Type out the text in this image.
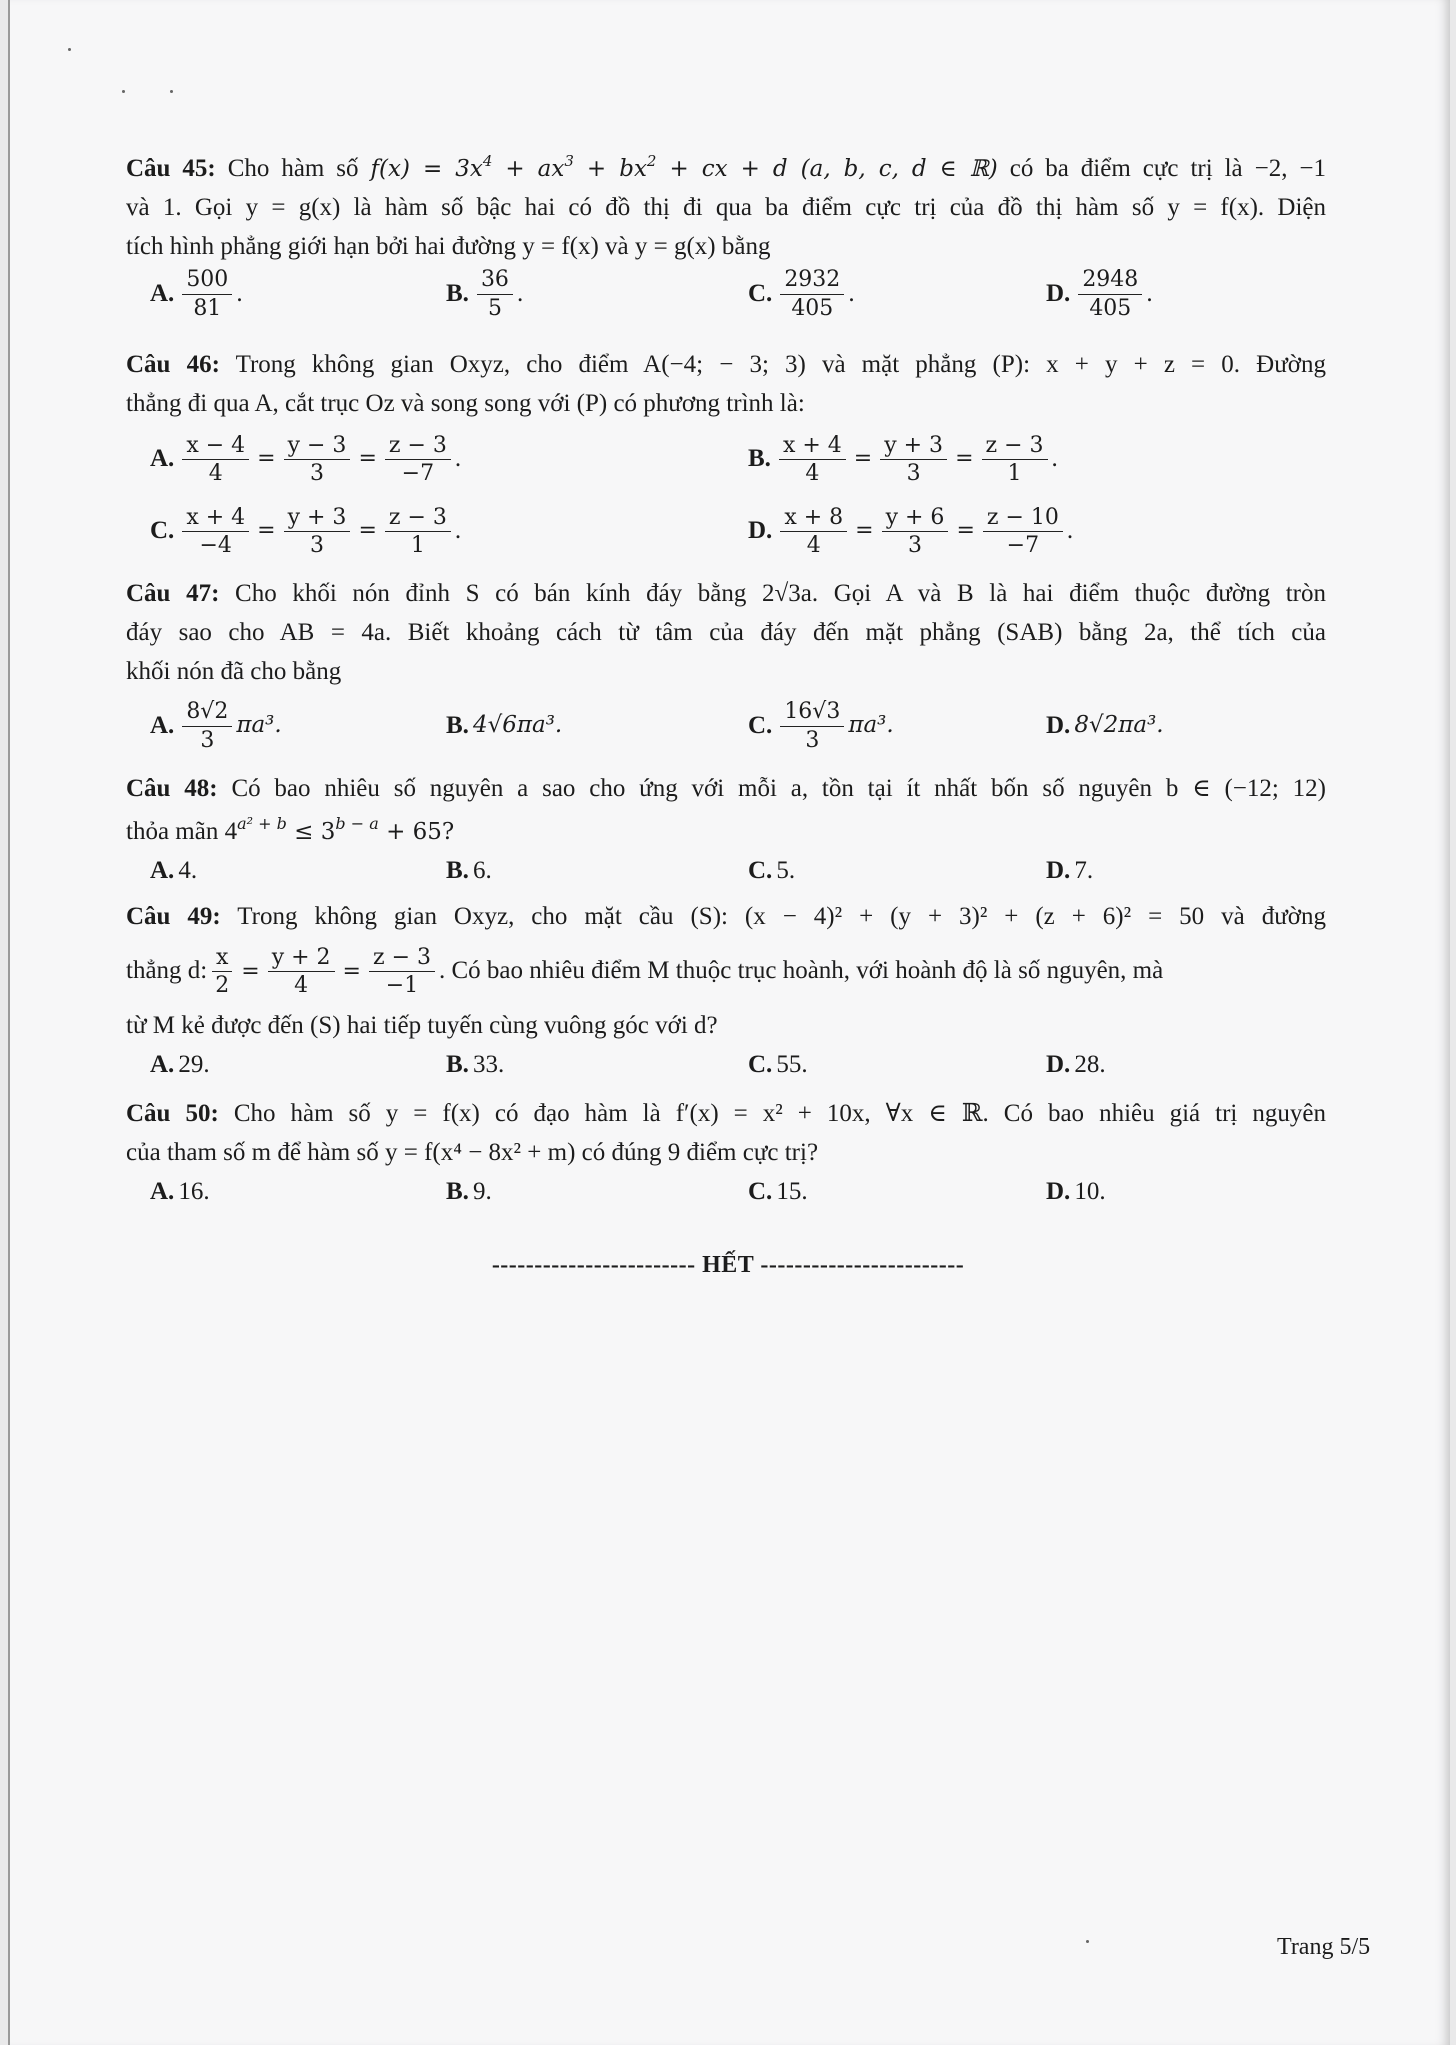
Câu 45: Cho hàm số $f(x) = 3x^4 + ax^3 + bx^2$ + cx + d (a, b, c, d ∈ ℝ) có ba điểm cực trị là −2, −1

và 1. Gọi y = g(x) là hàm số bậc hai có đồ thị đi qua ba điểm cực trị của đồ thị hàm số y = f(x). Diện

tích hình phẳng giới hạn bởi hai đường y = f(x) và y = g(x) bằng

A. $\frac{500}{81}$ .	B. $\frac{36}{5}$ .	C. $\frac{2932}{405}$ .	D. $\frac{2948}{405}$ .

Câu 46: Trong không gian Oxyz, cho điểm A(−4; − 3; 3) và mặt phẳng (P): x + y + z = 0. Đường

thẳng đi qua A, cắt trục Oz và song song với (P) có phương trình là:

A. $\frac{x - 4}{4} = \frac{y - 3}{3} = \frac{z - 3}{-7}$ .	B. $\frac{x + 4}{4} = \frac{y + 3}{3} = \frac{z - 3}{1}$ .
C. $\frac{x + 4}{-4} = \frac{y + 3}{3} = \frac{z - 3}{1}$ .	D. $\frac{x + 8}{4} = \frac{y + 6}{3} = \frac{z - 10}{-7}$ .

Câu 47: Cho khối nón đỉnh S có bán kính đáy bằng 2√3a. Gọi A và B là hai điểm thuộc đường tròn

đáy sao cho AB = 4a. Biết khoảng cách từ tâm của đáy đến mặt phẳng (SAB) bằng 2a, thể tích của

khối nón đã cho bằng

A. $\frac{8√2}{3} \pi a^3$.	B. 4√6πa³.	C. $\frac{16√3}{3} \pi a^3$.	D. 8√2πa³.

Câu 48: Có bao nhiêu số nguyên a sao cho ứng với mỗi a, tồn tại ít nhất bốn số nguyên b ∈ (−12; 12)

thỏa mãn $4^{a^2 + b} \le 3^{b - a} + 65$?

A. 4.	B. 6.	C. 5.	D. 7.

Câu 49: Trong không gian Oxyz, cho mặt cầu (S): (x − 4)² + (y + 3)² + (z + 6)² = 50 và đường

thẳng d: $\frac{x}{2} = \frac{y + 2}{4} = \frac{z - 3}{-1}$ . Có bao nhiêu điểm M thuộc trục hoành, với hoành độ là số nguyên, mà

từ M kẻ được đến (S) hai tiếp tuyến cùng vuông góc với d?

A. 29.	B. 33.	C. 55.	D. 28.

Câu 50: Cho hàm số y = f(x) có đạo hàm là f′(x) = x² + 10x, ∀x ∈ ℝ. Có bao nhiêu giá trị nguyên

của tham số m để hàm số y = f(x⁴ − 8x² + m) có đúng 9 điểm cực trị?

A. 16.	B. 9.	C. 15.	D. 10.
------------------------ HẾT ------------------------
Trang 5/5
